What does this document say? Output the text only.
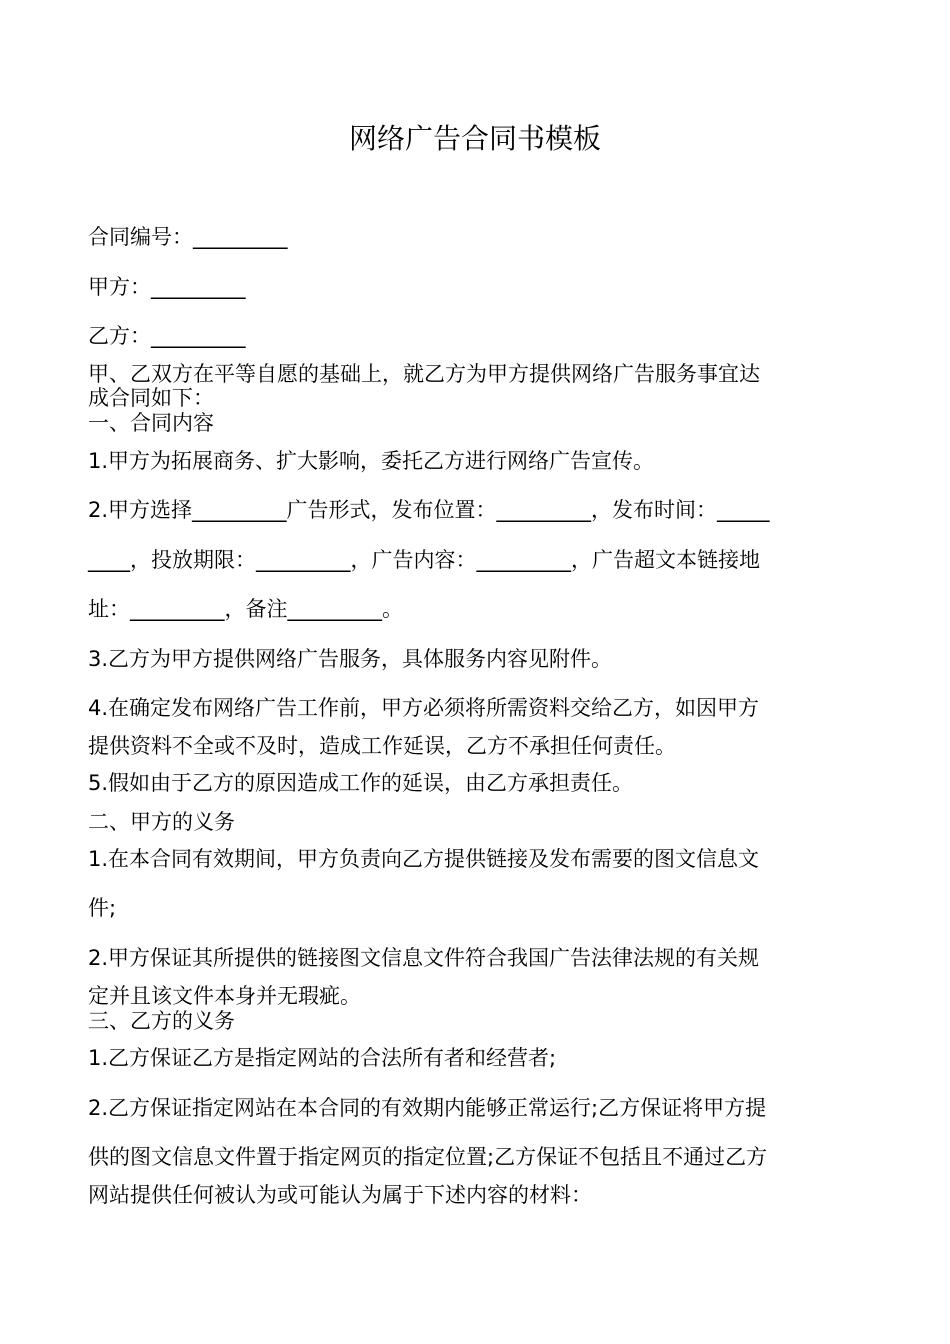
网络广告合同书模板
合同编号：_________
甲方：_________
乙方：_________
甲、乙双方在平等自愿的基础上，就乙方为甲方提供网络广告服务事宜达
成合同如下：
一、合同内容
1.甲方为拓展商务、扩大影响，委托乙方进行网络广告宣传。
2.甲方选择_________广告形式，发布位置：_________，发布时间：_____
____，投放期限：_________，广告内容：_________，广告超文本链接地
址：_________，备注_________。
3.乙方为甲方提供网络广告服务，具体服务内容见附件。
4.在确定发布网络广告工作前，甲方必须将所需资料交给乙方，如因甲方
提供资料不全或不及时，造成工作延误，乙方不承担任何责任。
5.假如由于乙方的原因造成工作的延误，由乙方承担责任。
二、甲方的义务
1.在本合同有效期间，甲方负责向乙方提供链接及发布需要的图文信息文
件;
2.甲方保证其所提供的链接图文信息文件符合我国广告法律法规的有关规
定并且该文件本身并无瑕疵。
三、乙方的义务
1.乙方保证乙方是指定网站的合法所有者和经营者;
2.乙方保证指定网站在本合同的有效期内能够正常运行;乙方保证将甲方提
供的图文信息文件置于指定网页的指定位置;乙方保证不包括且不通过乙方
网站提供任何被认为或可能认为属于下述内容的材料：
